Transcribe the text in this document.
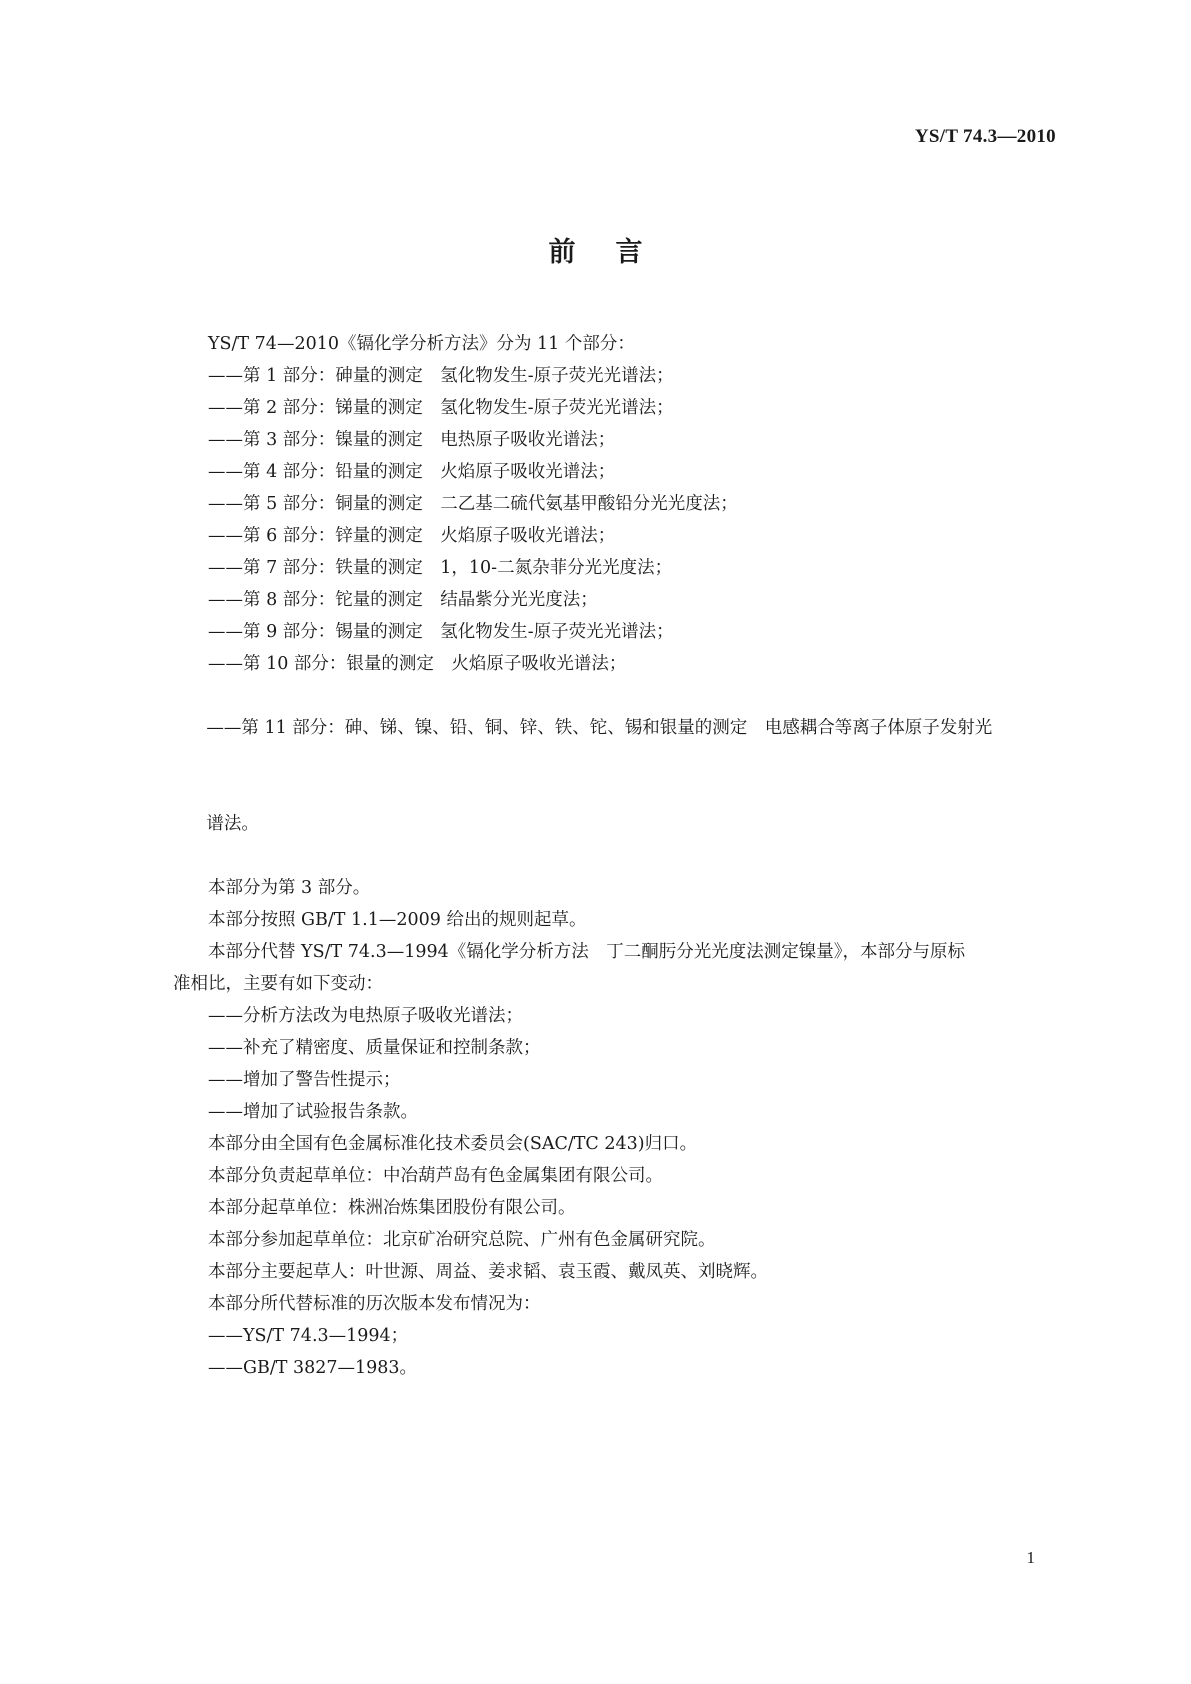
YS/T 74.3—2010
前言

YS/T 74—2010《镉化学分析方法》分为 11 个部分：

——第 1 部分：砷量的测定　氢化物发生-原子荧光光谱法；

——第 2 部分：锑量的测定　氢化物发生-原子荧光光谱法；

——第 3 部分：镍量的测定　电热原子吸收光谱法；

——第 4 部分：铅量的测定　火焰原子吸收光谱法；

——第 5 部分：铜量的测定　二乙基二硫代氨基甲酸铅分光光度法；

——第 6 部分：锌量的测定　火焰原子吸收光谱法；

——第 7 部分：铁量的测定　1，10-二氮杂菲分光光度法；

——第 8 部分：铊量的测定　结晶紫分光光度法；

——第 9 部分：锡量的测定　氢化物发生-原子荧光光谱法；

——第 10 部分：银量的测定　火焰原子吸收光谱法；

——第 11 部分：砷、锑、镍、铅、铜、锌、铁、铊、锡和银量的测定　电感耦合等离子体原子发射光

谱法。

本部分为第 3 部分。

本部分按照 GB/T 1.1—2009 给出的规则起草。

本部分代替 YS/T 74.3—1994《镉化学分析方法　丁二酮肟分光光度法测定镍量》，本部分与原标

准相比，主要有如下变动：

——分析方法改为电热原子吸收光谱法；

——补充了精密度、质量保证和控制条款；

——增加了警告性提示；

——增加了试验报告条款。

本部分由全国有色金属标准化技术委员会(SAC/TC 243)归口。

本部分负责起草单位：中冶葫芦岛有色金属集团有限公司。

本部分起草单位：株洲冶炼集团股份有限公司。

本部分参加起草单位：北京矿冶研究总院、广州有色金属研究院。

本部分主要起草人：叶世源、周益、姜求韬、袁玉霞、戴凤英、刘晓辉。

本部分所代替标准的历次版本发布情况为：

——YS/T 74.3—1994；

——GB/T 3827—1983。

1
